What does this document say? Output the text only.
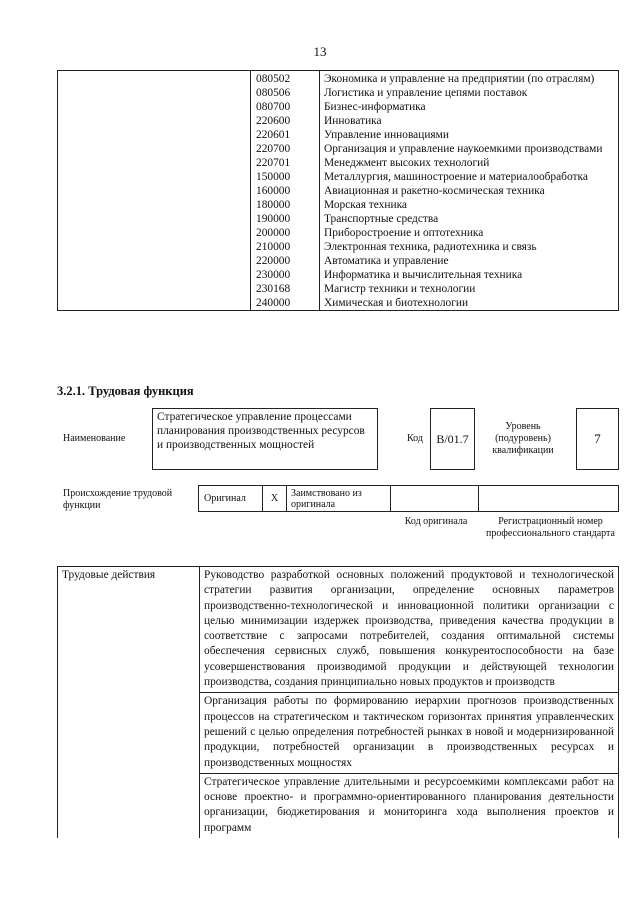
13
	080502	Экономика и управление на предприятии (по отраслям)
	080506	Логистика и управление цепями поставок
	080700	Бизнес-информатика
	220600	Инноватика
	220601	Управление инновациями
	220700	Организация и управление наукоемкими производствами
	220701	Менеджмент высоких технологий
	150000	Металлургия, машиностроение и материалообработка
	160000	Авиационная и ракетно-космическая техника
	180000	Морская техника
	190000	Транспортные средства
	200000	Приборостроение и оптотехника
	210000	Электронная техника, радиотехника и связь
	220000	Автоматика и управление
	230000	Информатика и вычислительная техника
	230168	Магистр техники и технологии
	240000	Химическая и биотехнологии
3.2.1. Трудовая функция
Наименование
Стратегическое управление процессами планирования производственных ресурсов и производственных мощностей
Код	B/01.7
Уровень (подуровень) квалификации
7
Происхождение трудовой функции
Оригинал	X	Заимствовано из оригинала
Код оригинала	Регистрационный номер профессионального стандарта
Трудовые действия	Руководство разработкой основных положений продуктовой и технологической стратегии развития организации, определение основных параметров производственно-технологической и инновационной политики организации с целью минимизации издержек производства, приведения качества продукции в соответствие с запросами потребителей, создания оптимальной системы обеспечения сервисных служб, повышения конкурентоспособности на базе усовершенствования производимой продукции и действующей технологии производства, создания принципиально новых продуктов и производств
Организация работы по формированию иерархии прогнозов производственных процессов на стратегическом и тактическом горизонтах принятия управленческих решений с целью определения потребностей рынках в новой и модернизированной продукции, потребностей организации в производственных ресурсах и производственных мощностях
Стратегическое управление длительными и ресурсоемкими комплексами работ на основе проектно- и программно-ориентированного планирования деятельности организации, бюджетирования и мониторинга хода выполнения проектов и программ
